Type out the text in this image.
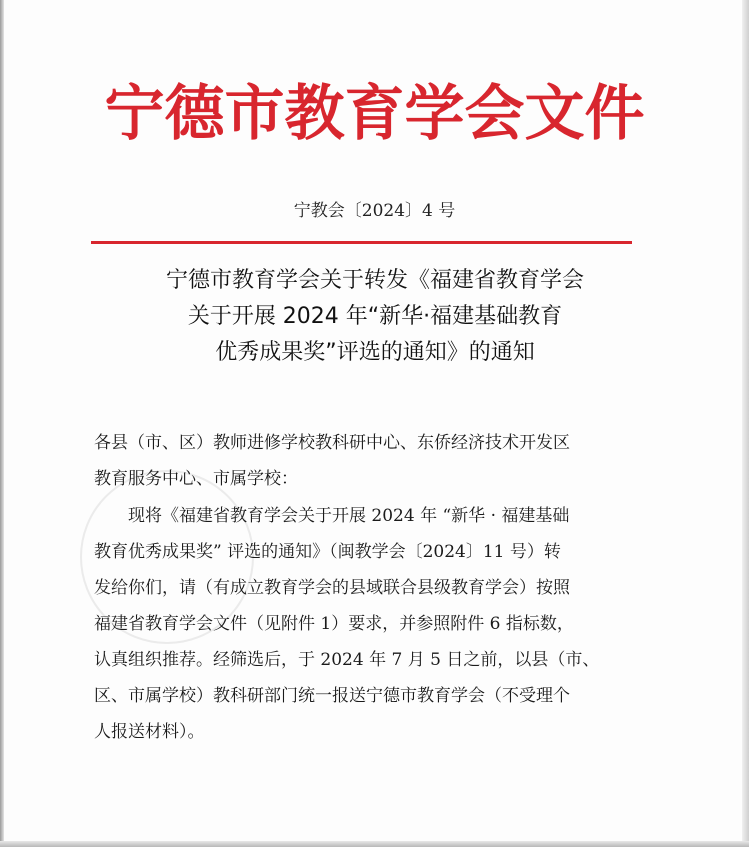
宁德市教育学会文件
宁教会〔2024〕4 号
宁德市教育学会关于转发《福建省教育学会
关于开展 2024 年“新华·福建基础教育
优秀成果奖”评选的通知》的通知
各县（市、区）教师进修学校教科研中心、东侨经济技术开发区
教育服务中心、市属学校：
现将《福建省教育学会关于开展 2024 年 “新华 · 福建基础
教育优秀成果奖” 评选的通知》（闽教学会〔2024〕11 号）转
发给你们，请（有成立教育学会的县域联合县级教育学会）按照
福建省教育学会文件（见附件 1）要求，并参照附件 6 指标数，
认真组织推荐。经筛选后，于 2024 年 7 月 5 日之前，以县（市、
区、市属学校）教科研部门统一报送宁德市教育学会（不受理个
人报送材料）。
